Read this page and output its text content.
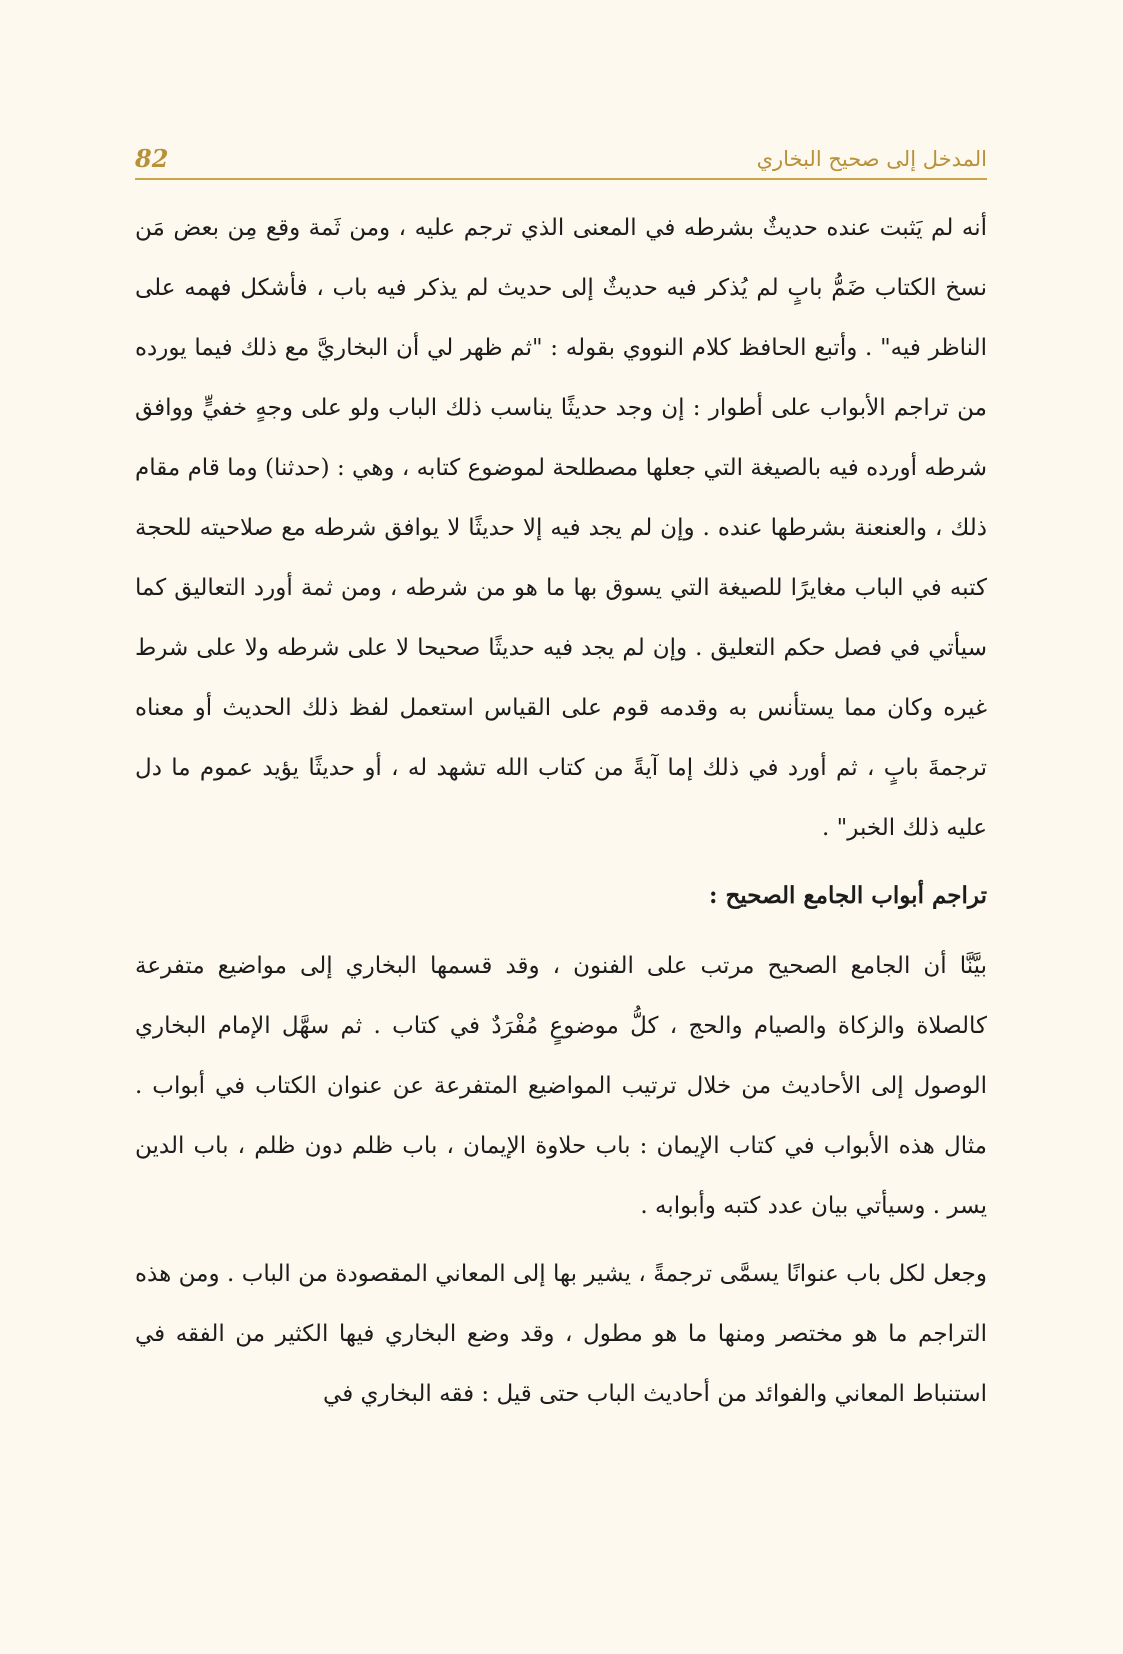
المدخل إلى صحيح البخاري
82

أنه لم يَثبت عنده حديثٌ بشرطه في المعنى الذي ترجم عليه ، ومن ثَمة وقع مِن بعض مَن نسخ الكتاب ضَمُّ بابٍ لم يُذكر فيه حديثٌ إلى حديث لم يذكر فيه باب ، فأشكل فهمه على الناظر فيه" . وأتبع الحافظ كلام النووي بقوله : "ثم ظهر لي أن البخاريَّ مع ذلك فيما يورده من تراجم الأبواب على أطوار : إن وجد حديثًا يناسب ذلك الباب ولو على وجهٍ خفيٍّ ووافق شرطه أورده فيه بالصيغة التي جعلها مصطلحة لموضوع كتابه ، وهي : (حدثنا) وما قام مقام ذلك ، والعنعنة بشرطها عنده . وإن لم يجد فيه إلا حديثًا لا يوافق شرطه مع صلاحيته للحجة كتبه في الباب مغايرًا للصيغة التي يسوق بها ما هو من شرطه ، ومن ثمة أورد التعاليق كما سيأتي في فصل حكم التعليق . وإن لم يجد فيه حديثًا صحيحا لا على شرطه ولا على شرط غيره وكان مما يستأنس به وقدمه قوم على القياس استعمل لفظ ذلك الحديث أو معناه ترجمةَ بابٍ ، ثم أورد في ذلك إما آيةً من كتاب الله تشهد له ، أو حديثًا يؤيد عموم ما دل عليه ذلك الخبر" .

تراجم أبواب الجامع الصحيح :

بيَّنَّا أن الجامع الصحيح مرتب على الفنون ، وقد قسمها البخاري إلى مواضيع متفرعة كالصلاة والزكاة والصيام والحج ، كلُّ موضوعٍ مُفْرَدٌ في كتاب . ثم سهَّل الإمام البخاري الوصول إلى الأحاديث من خلال ترتيب المواضيع المتفرعة عن عنوان الكتاب في أبواب . مثال هذه الأبواب في كتاب الإيمان : باب حلاوة الإيمان ، باب ظلم دون ظلم ، باب الدين يسر . وسيأتي بيان عدد كتبه وأبوابه .

وجعل لكل باب عنوانًا يسمَّى ترجمةً ، يشير بها إلى المعاني المقصودة من الباب . ومن هذه التراجم ما هو مختصر ومنها ما هو مطول ، وقد وضع البخاري فيها الكثير من الفقه في استنباط المعاني والفوائد من أحاديث الباب حتى قيل : فقه البخاري في
